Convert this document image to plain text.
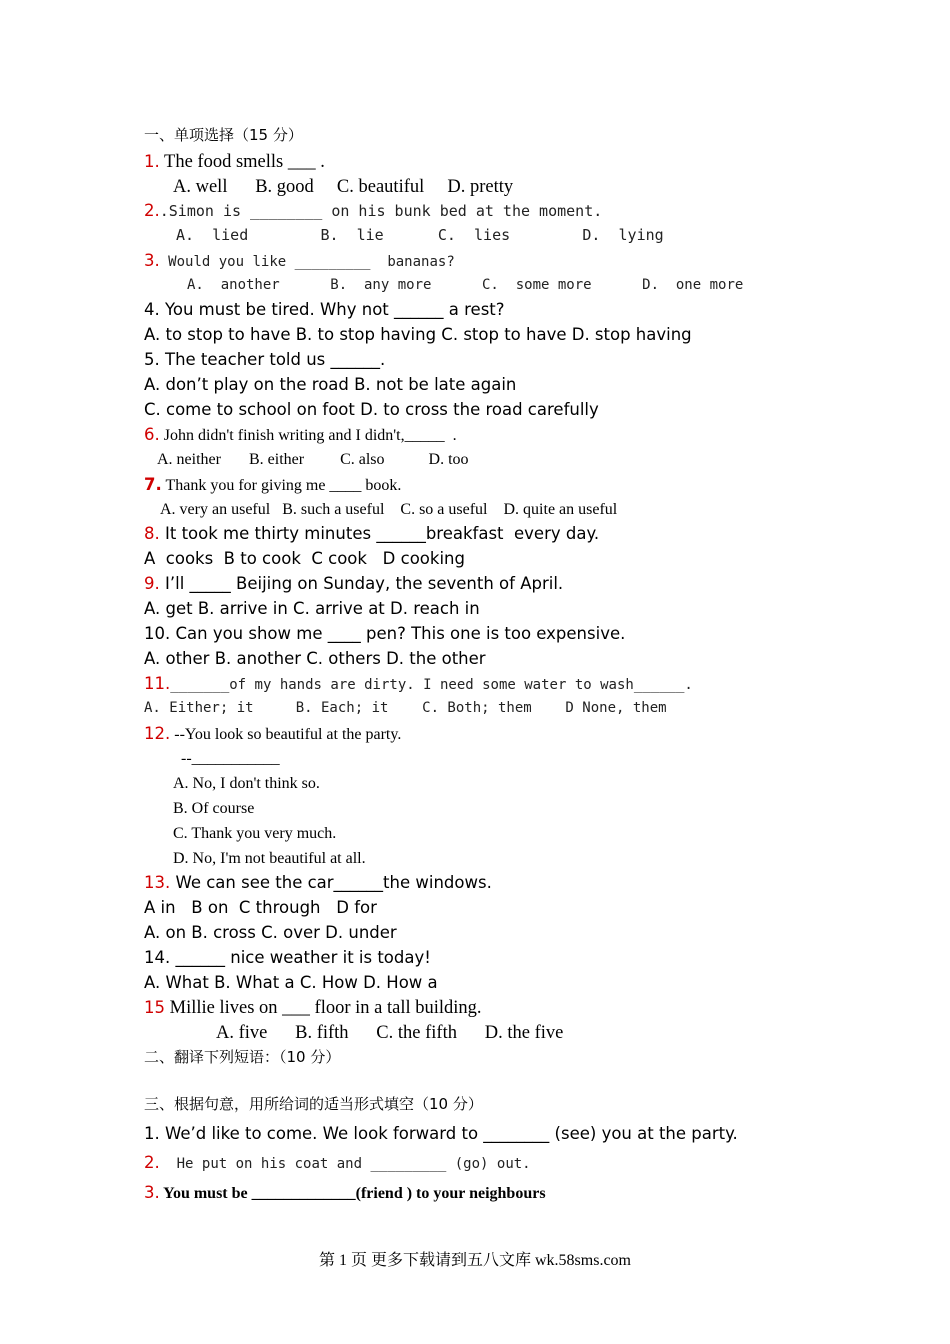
一、单项选择（15 分）
1. The food smells ___ .
A. well      B. good     C. beautiful     D. pretty
2..Simon is ________ on his bunk bed at the moment.
A.  lied        B.  lie      C.  lies        D.  lying
3. Would you like _________  bananas?
A.  another      B.  any more      C.  some more      D.  one more
4. You must be tired. Why not ______ a rest?
A. to stop to have B. to stop having C. stop to have D. stop having
5. The teacher told us ______.
A. don’t play on the road B. not be late again
C. come to school on foot D. to cross the road carefully
6. John didn't finish writing and I didn't,_____  .
A. neither       B. either         C. also           D. too
7. Thank you for giving me ____ book.
A. very an useful   B. such a useful    C. so a useful    D. quite an useful
8. It took me thirty minutes ______breakfast  every day.
A  cooks  B to cook  C cook   D cooking
9. I’ll _____ Beijing on Sunday, the seventh of April.
A. get B. arrive in C. arrive at D. reach in
10. Can you show me ____ pen? This one is too expensive.
A. other B. another C. others D. the other
11._______of my hands are dirty. I need some water to wash______.
A. Either; it     B. Each; it    C. Both; them    D None, them
12. --You look so beautiful at the party.
--___________
A. No, I don't think so.
B. Of course
C. Thank you very much.
D. No, I'm not beautiful at all.
13. We can see the car______the windows.
A in   B on  C through   D for
A. on B. cross C. over D. under
14. ______ nice weather it is today!
A. What B. What a C. How D. How a
15 Millie lives on ___ floor in a tall building.
A. five      B. fifth      C. the fifth      D. the five
二、翻译下列短语：（10 分）
三、根据句意，用所给词的适当形式填空（10 分）
1. We’d like to come. We look forward to ________ (see) you at the party.
2.  He put on his coat and _________ (go) out.
3. You must be _____________(friend ) to your neighbours
第 1 页 更多下载请到五八文库 wk.58sms.com
